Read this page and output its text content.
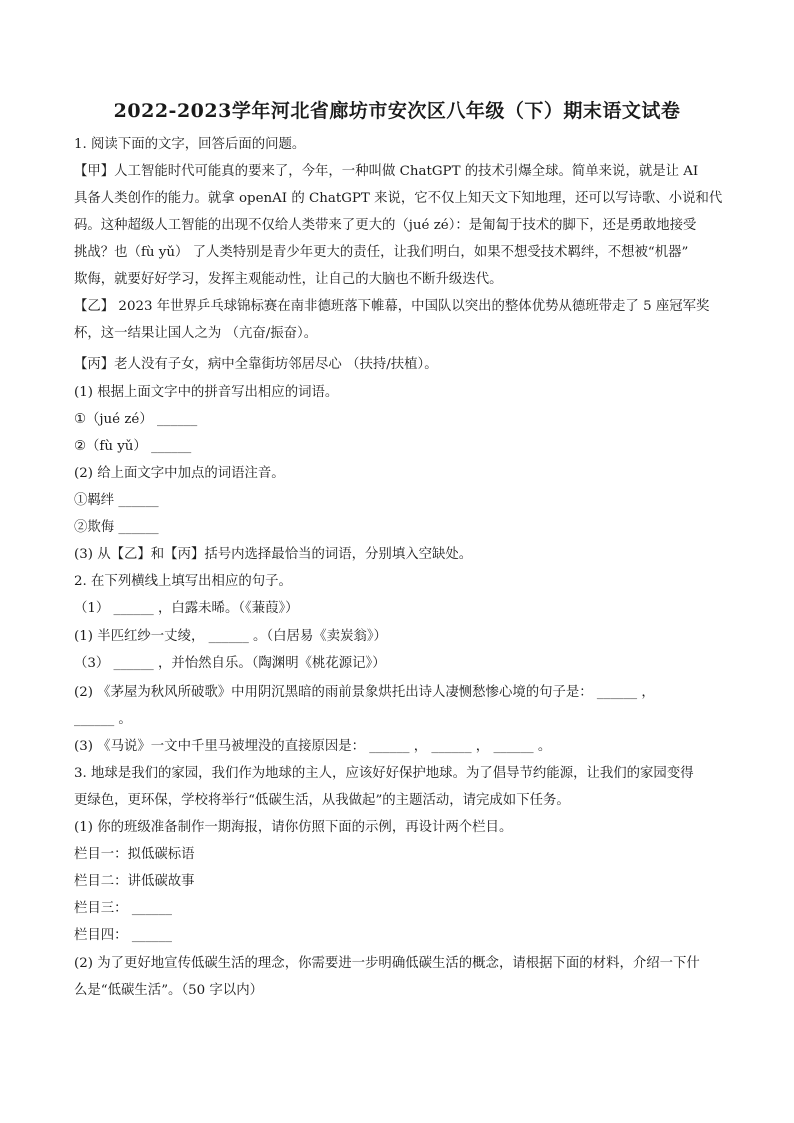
2022-2023学年河北省廊坊市安次区八年级（下）期末语文试卷
1. 阅读下面的文字，回答后面的问题。
【甲】人工智能时代可能真的要来了，今年，一种叫做 ChatGPT 的技术引爆全球。简单来说，就是让 AI
具备人类创作的能力。就拿 openAI 的 ChatGPT 来说，它不仅上知天文下知地理，还可以写诗歌、小说和代
码。这种超级人工智能的出现不仅给人类带来了更大的（jué zé）：是匍匐于技术的脚下，还是勇敢地接受
挑战？也（fù yǔ） 了人类特别是青少年更大的责任，让我们明白，如果不想受技术羁绊，不想被“机器”
欺侮，就要好好学习，发挥主观能动性，让自己的大脑也不断升级迭代。
【乙】 2023 年世界乒乓球锦标赛在南非德班落下帷幕，中国队以突出的整体优势从德班带走了 5 座冠军奖
杯，这一结果让国人之为 （亢奋/振奋）。
【丙】老人没有子女，病中全靠街坊邻居尽心 （扶持/扶植）。
(1) 根据上面文字中的拼音写出相应的词语。
①（jué zé） ______
②（fù yǔ） ______
(2) 给上面文字中加点的词语注音。
①羁绊 ______
②欺侮 ______
(3) 从【乙】和【丙】括号内选择最恰当的词语，分别填入空缺处。
2. 在下列横线上填写出相应的句子。
（1） ______ ，白露未晞。（《蒹葭》）
(1) 半匹红纱一丈绫， ______ 。（白居易《卖炭翁》）
（3） ______ ，并怡然自乐。（陶渊明《桃花源记》）
(2) 《茅屋为秋风所破歌》中用阴沉黑暗的雨前景象烘托出诗人凄恻愁惨心境的句子是： ______ ，
______ 。
(3) 《马说》一文中千里马被埋没的直接原因是： ______ ， ______ ， ______ 。
3. 地球是我们的家园，我们作为地球的主人，应该好好保护地球。为了倡导节约能源，让我们的家园变得
更绿色，更环保，学校将举行“低碳生活，从我做起”的主题活动，请完成如下任务。
(1) 你的班级准备制作一期海报，请你仿照下面的示例，再设计两个栏目。
栏目一：拟低碳标语
栏目二：讲低碳故事
栏目三： ______
栏目四： ______
(2) 为了更好地宣传低碳生活的理念，你需要进一步明确低碳生活的概念，请根据下面的材料，介绍一下什
么是“低碳生活”。（50 字以内）
